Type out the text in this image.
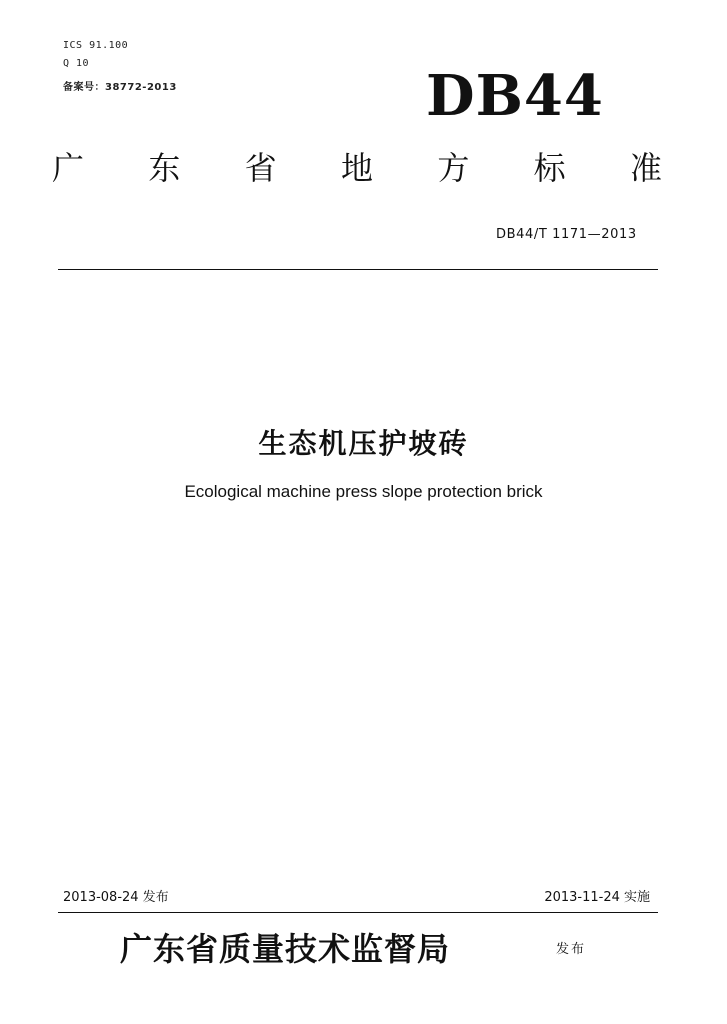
ICS 91.100
Q 10
备案号：38772-2013	DB44
广 东 省 地 方 标 准
DB44/T 1171—2013
生态机压护坡砖
Ecological machine press slope protection brick
2013-08-24 发布	2013-11-24 实施
广东省质量技术监督局	发布
